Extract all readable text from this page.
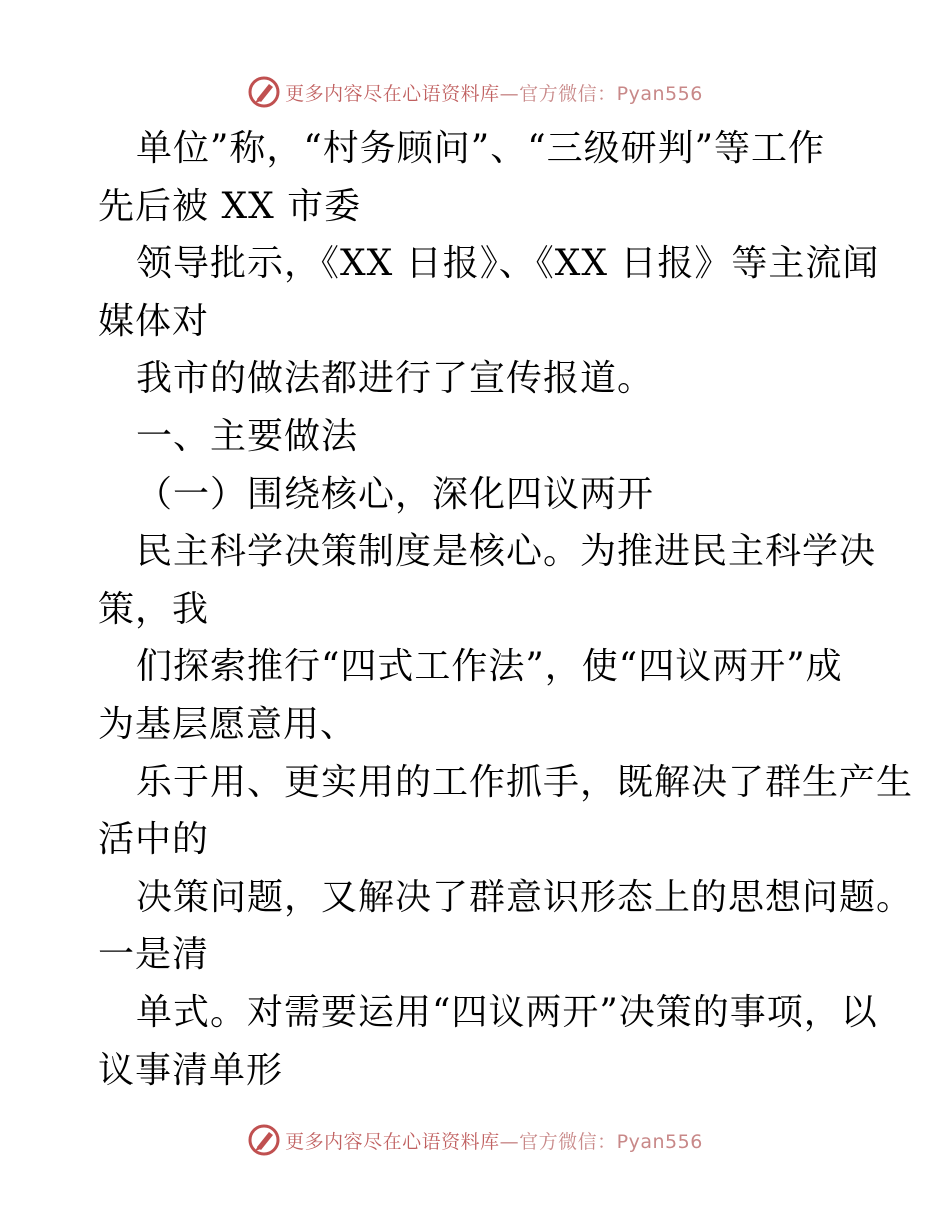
更多内容尽在心语资料库—官方微信：Pyan556
单位”称，“村务顾问”、“三级研判”等工作
先后被 XX 市委
领导批示，《XX 日报》、《XX 日报》等主流闻
媒体对
我市的做法都进行了宣传报道。
一、主要做法
（一）围绕核心，深化四议两开
民主科学决策制度是核心。为推进民主科学决
策，我
们探索推行“四式工作法”，使“四议两开”成
为基层愿意用、
乐于用、更实用的工作抓手，既解决了群生产生
活中的
决策问题，又解决了群意识形态上的思想问题。
一是清
单式。对需要运用“四议两开”决策的事项，以
议事清单形
更多内容尽在心语资料库—官方微信：Pyan556
